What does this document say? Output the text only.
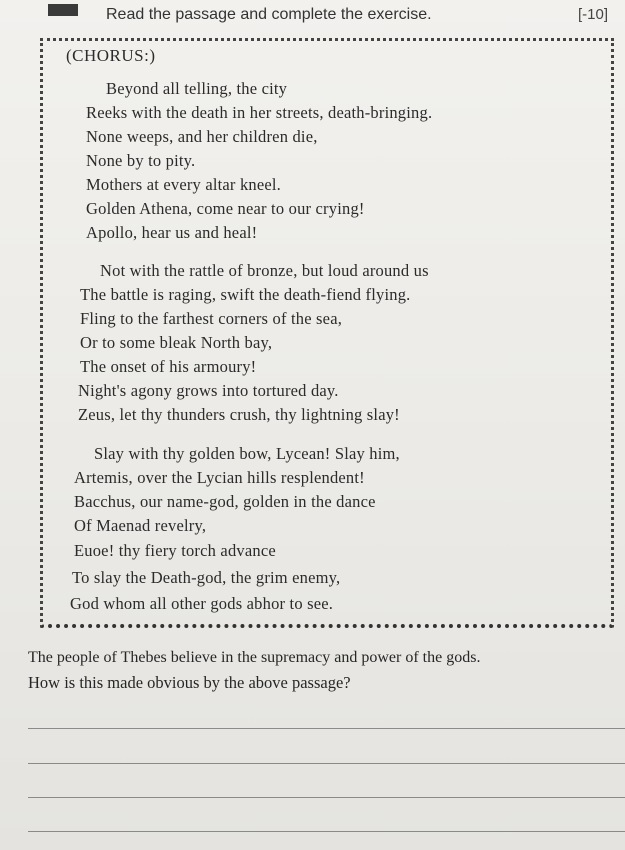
Read the passage and complete the exercise.	[-10]
(CHORUS:)
Beyond all telling, the city
Reeks with the death in her streets, death-bringing.
None weeps, and her children die,
None by to pity.
Mothers at every altar kneel.
Golden Athena, come near to our crying!
Apollo, hear us and heal!
Not with the rattle of bronze, but loud around us
The battle is raging, swift the death-fiend flying.
Fling to the farthest corners of the sea,
Or to some bleak North bay,
The onset of his armoury!
Night's agony grows into tortured day.
Zeus, let thy thunders crush, thy lightning slay!
Slay with thy golden bow, Lycean! Slay him,
Artemis, over the Lycian hills resplendent!
Bacchus, our name-god, golden in the dance
Of Maenad revelry,
Euoe! thy fiery torch advance
To slay the Death-god, the grim enemy,
God whom all other gods abhor to see.
The people of Thebes believe in the supremacy and power of the gods.
How is this made obvious by the above passage?
